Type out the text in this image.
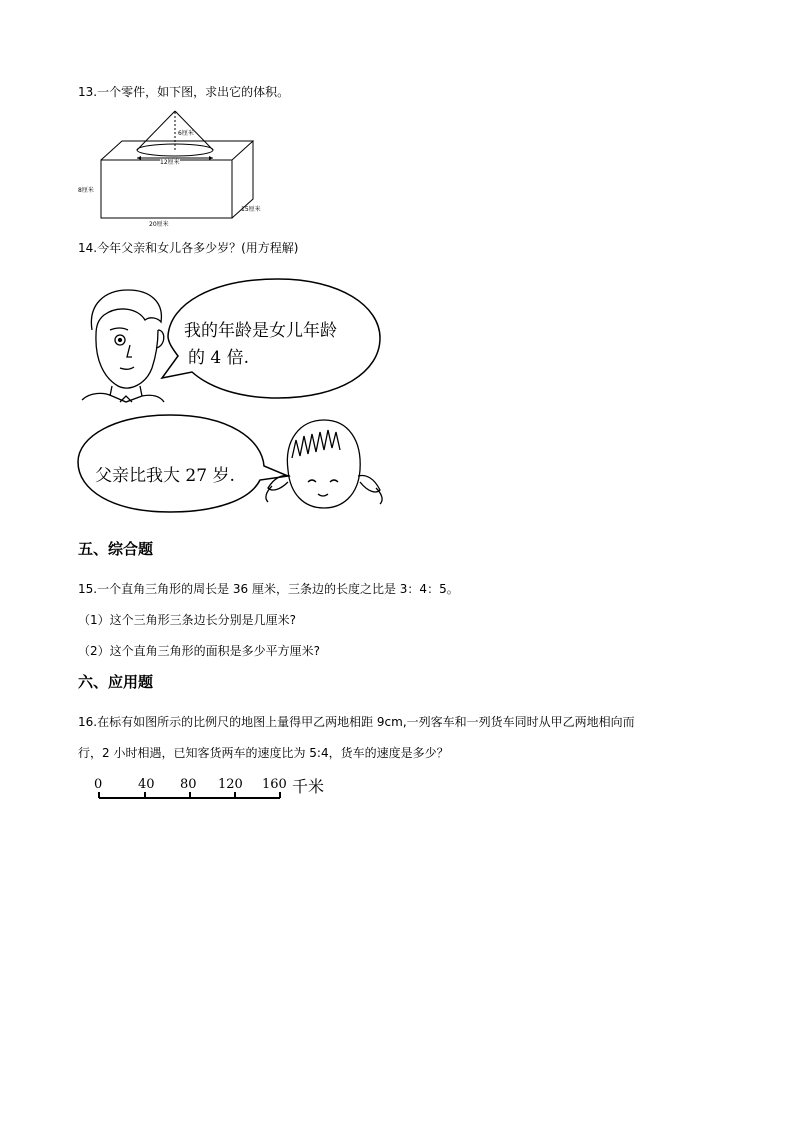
13.一个零件，如下图，求出它的体积。
6厘米
12厘米
8厘米
20厘米
15厘米
14.今年父亲和女儿各多少岁？(用方程解)
我的年龄是女儿年龄
的 4 倍.
父亲比我大 27 岁.
五、综合题
15.一个直角三角形的周长是 36 厘米，三条边的长度之比是 3：4：5。
（1）这个三角形三条边长分别是几厘米?
（2）这个直角三角形的面积是多少平方厘米?
六、应用题
16.在标有如图所示的比例尺的地图上量得甲乙两地相距 9cm,一列客车和一列货车同时从甲乙两地相向而
行，2 小时相遇，已知客货两车的速度比为 5:4，货车的速度是多少？
0	40 80 120 160 千米
